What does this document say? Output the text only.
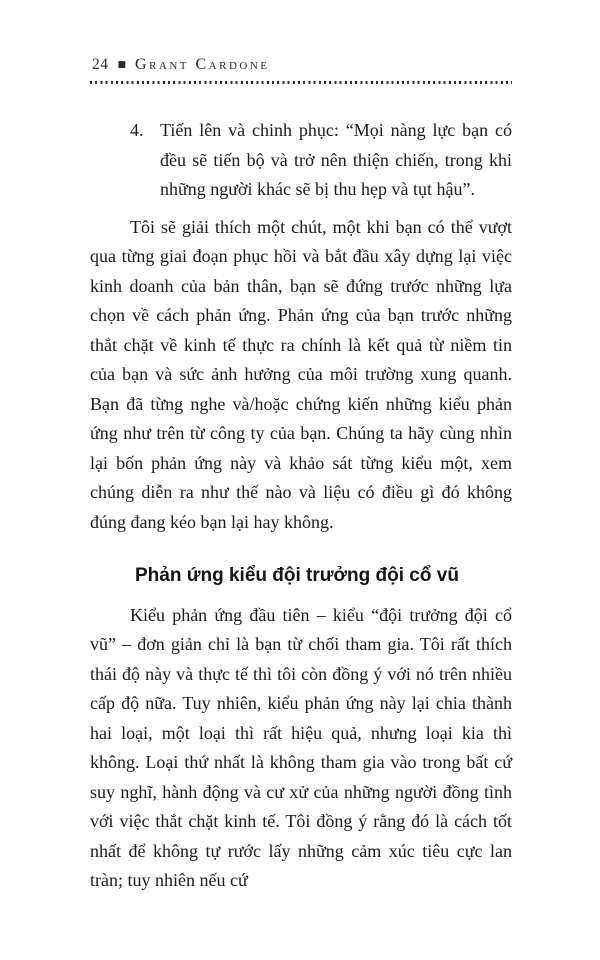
24 ■ Grant Cardone
4. Tiến lên và chinh phục: “Mọi nàng lực bạn có đều sẽ tiến bộ và trở nên thiện chiến, trong khi những người khác sẽ bị thu hẹp và tụt hậu”.

Tôi sẽ giải thích một chút, một khi bạn có thể vượt qua từng giai đoạn phục hồi và bắt đầu xây dựng lại việc kinh doanh của bản thân, bạn sẽ đứng trước những lựa chọn về cách phản ứng. Phản ứng của bạn trước những thắt chặt về kinh tế thực ra chính là kết quả từ niềm tin của bạn và sức ảnh hưởng của môi trường xung quanh. Bạn đã từng nghe và/hoặc chứng kiến những kiểu phản ứng như trên từ công ty của bạn. Chúng ta hãy cùng nhìn lại bốn phản ứng này và khảo sát từng kiểu một, xem chúng diễn ra như thế nào và liệu có điều gì đó không đúng đang kéo bạn lại hay không.

Phản ứng kiểu đội trưởng đội cổ vũ

Kiểu phản ứng đầu tiên – kiểu “đội trưởng đội cổ vũ” – đơn giản chỉ là bạn từ chối tham gia. Tôi rất thích thái độ này và thực tế thì tôi còn đồng ý với nó trên nhiều cấp độ nữa. Tuy nhiên, kiểu phản ứng này lại chia thành hai loại, một loại thì rất hiệu quả, nhưng loại kia thì không. Loại thứ nhất là không tham gia vào trong bất cứ suy nghĩ, hành động và cư xử của những người đồng tình với việc thắt chặt kinh tế. Tôi đồng ý rằng đó là cách tốt nhất để không tự rước lấy những cảm xúc tiêu cực lan tràn; tuy nhiên nếu cứ
